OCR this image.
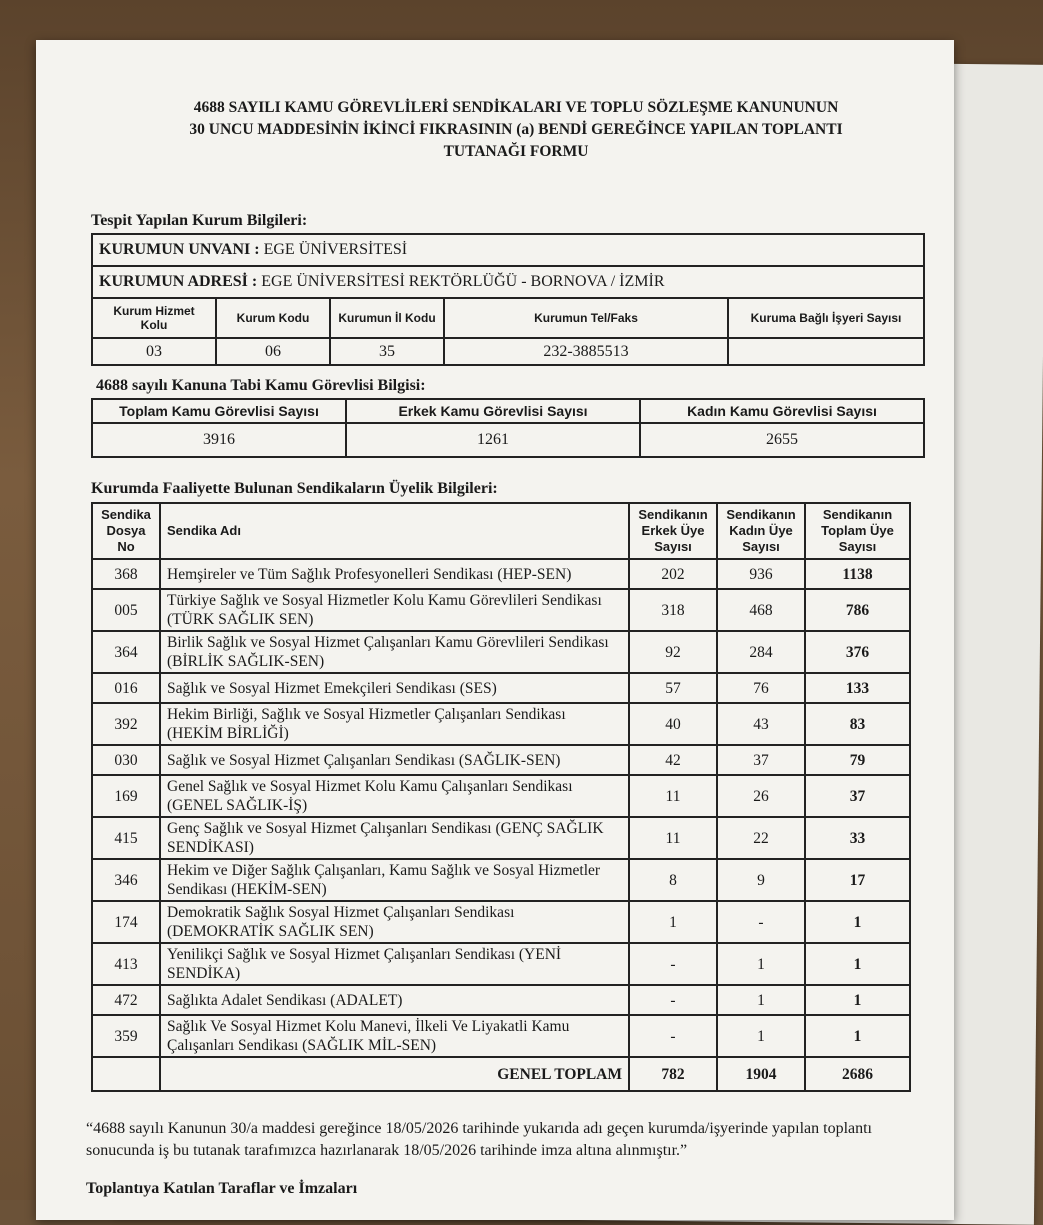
4688 SAYILI KAMU GÖREVLİLERİ SENDİKALARI VE TOPLU SÖZLEŞME KANUNUNUN
30 UNCU MADDESİNİN İKİNCİ FIKRASININ (a) BENDİ GEREĞİNCE YAPILAN TOPLANTI
TUTANAĞI FORMU
Tespit Yapılan Kurum Bilgileri:
KURUMUN UNVANI : EGE ÜNİVERSİTESİ				
KURUMUN ADRESİ : EGE ÜNİVERSİTESİ REKTÖRLÜĞÜ - BORNOVA / İZMİR				
Kurum Hizmet Kolu	Kurum Kodu	Kurumun İl Kodu	Kurumun Tel/Faks	Kuruma Bağlı İşyeri Sayısı
03	06	35	232-3885513	
4688 sayılı Kanuna Tabi Kamu Görevlisi Bilgisi:
Toplam Kamu Görevlisi Sayısı	Erkek Kamu Görevlisi Sayısı	Kadın Kamu Görevlisi Sayısı
3916	1261	2655
Kurumda Faaliyette Bulunan Sendikaların Üyelik Bilgileri:
Sendika Dosya No	Sendika Adı	Sendikanın Erkek Üye Sayısı	Sendikanın Kadın Üye Sayısı	Sendikanın Toplam Üye Sayısı
368	Hemşireler ve Tüm Sağlık Profesyonelleri Sendikası (HEP-SEN)	202	936	1138
005	Türkiye Sağlık ve Sosyal Hizmetler Kolu Kamu Görevlileri Sendikası (TÜRK SAĞLIK SEN)	318	468	786
364	Birlik Sağlık ve Sosyal Hizmet Çalışanları Kamu Görevlileri Sendikası (BİRLİK SAĞLIK-SEN)	92	284	376
016	Sağlık ve Sosyal Hizmet Emekçileri Sendikası (SES)	57	76	133
392	Hekim Birliği, Sağlık ve Sosyal Hizmetler Çalışanları Sendikası (HEKİM BİRLİĞİ)	40	43	83
030	Sağlık ve Sosyal Hizmet Çalışanları Sendikası (SAĞLIK-SEN)	42	37	79
169	Genel Sağlık ve Sosyal Hizmet Kolu Kamu Çalışanları Sendikası (GENEL SAĞLIK-İŞ)	11	26	37
415	Genç Sağlık ve Sosyal Hizmet Çalışanları Sendikası (GENÇ SAĞLIK SENDİKASI)	11	22	33
346	Hekim ve Diğer Sağlık Çalışanları, Kamu Sağlık ve Sosyal Hizmetler Sendikası (HEKİM-SEN)	8	9	17
174	Demokratik Sağlık Sosyal Hizmet Çalışanları Sendikası (DEMOKRATİK SAĞLIK SEN)	1	-	1
413	Yenilikçi Sağlık ve Sosyal Hizmet Çalışanları Sendikası (YENİ SENDİKA)	-	1	1
472	Sağlıkta Adalet Sendikası (ADALET)	-	1	1
359	Sağlık Ve Sosyal Hizmet Kolu Manevi, İlkeli Ve Liyakatli Kamu Çalışanları Sendikası (SAĞLIK MİL-SEN)	-	1	1
	GENEL TOPLAM	782	1904	2686
“4688 sayılı Kanunun 30/a maddesi gereğince 18/05/2026 tarihinde yukarıda adı geçen kurumda/işyerinde yapılan toplantı sonucunda iş bu tutanak tarafımızca hazırlanarak 18/05/2026 tarihinde imza altına alınmıştır.”
Toplantıya Katılan Taraflar ve İmzaları
